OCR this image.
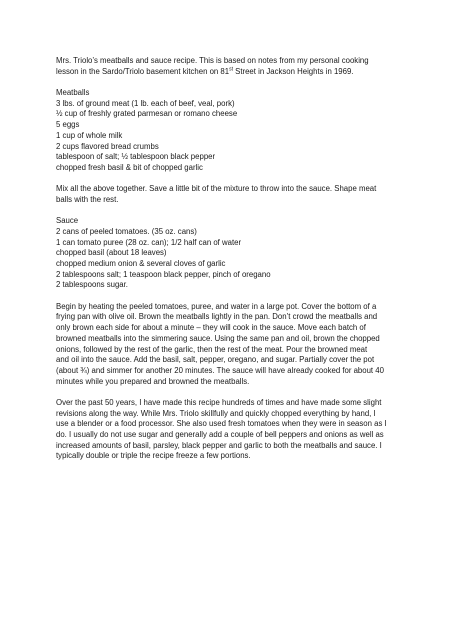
Mrs. Triolo’s meatballs and sauce recipe. This is based on notes from my personal cooking
lesson in the Sardo/Triolo basement kitchen on 81st Street in Jackson Heights in 1969.

Meatballs
3 lbs. of ground meat (1 lb. each of beef, veal, pork)
½ cup of freshly grated parmesan or romano cheese
5 eggs
1 cup of whole milk
2 cups flavored bread crumbs
tablespoon of salt; ½ tablespoon black pepper
chopped fresh basil & bit of chopped garlic

Mix all the above together. Save a little bit of the mixture to throw into the sauce. Shape meat
balls with the rest.

Sauce
2 cans of peeled tomatoes. (35 oz. cans)
1 can tomato puree (28 oz. can); 1/2 half can of water
chopped basil (about 18 leaves)
chopped medium onion & several cloves of garlic
2 tablespoons salt; 1 teaspoon black pepper, pinch of oregano
2 tablespoons sugar.

Begin by heating the peeled tomatoes, puree, and water in a large pot. Cover the bottom of a
frying pan with olive oil. Brown the meatballs lightly in the pan. Don’t crowd the meatballs and
only brown each side for about a minute – they will cook in the sauce. Move each batch of
browned meatballs into the simmering sauce. Using the same pan and oil, brown the chopped
onions, followed by the rest of the garlic, then the rest of the meat. Pour the browned meat
and oil into the sauce. Add the basil, salt, pepper, oregano, and sugar. Partially cover the pot
(about ¾) and simmer for another 20 minutes. The sauce will have already cooked for about 40
minutes while you prepared and browned the meatballs.

Over the past 50 years, I have made this recipe hundreds of times and have made some slight
revisions along the way. While Mrs. Triolo skillfully and quickly chopped everything by hand, I
use a blender or a food processor. She also used fresh tomatoes when they were in season as I
do. I usually do not use sugar and generally add a couple of bell peppers and onions as well as
increased amounts of basil, parsley, black pepper and garlic to both the meatballs and sauce. I
typically double or triple the recipe freeze a few portions.
